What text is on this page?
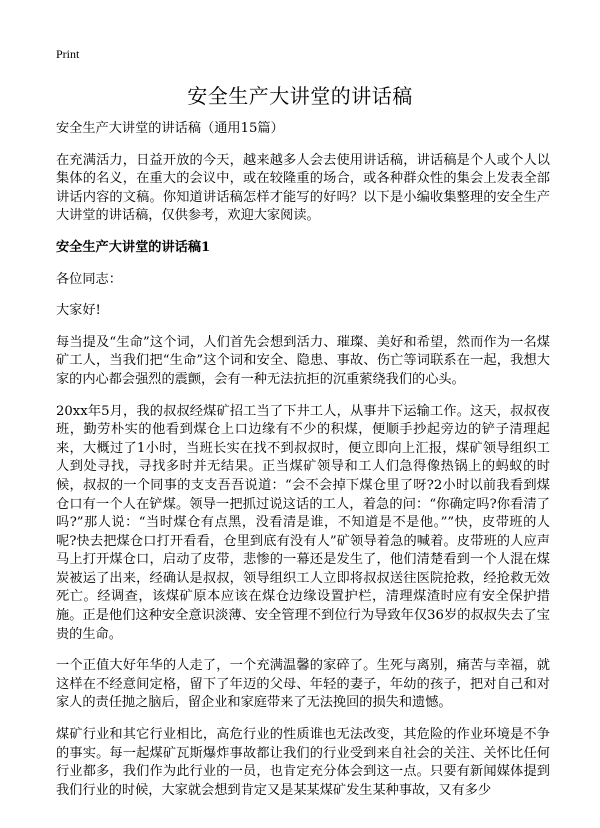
Print
安全生产大讲堂的讲话稿

安全生产大讲堂的讲话稿（通用15篇）

在充满活力，日益开放的今天，越来越多人会去使用讲话稿，讲话稿是个人或个人以集体的名义，在重大的会议中，或在较隆重的场合，或各种群众性的集会上发表全部讲话内容的文稿。你知道讲话稿怎样才能写的好吗？以下是小编收集整理的安全生产大讲堂的讲话稿，仅供参考，欢迎大家阅读。

安全生产大讲堂的讲话稿1

各位同志：

大家好!

每当提及“生命”这个词，人们首先会想到活力、璀璨、美好和希望，然而作为一名煤矿工人，当我们把“生命”这个词和安全、隐患、事故、伤亡等词联系在一起，我想大家的内心都会强烈的震颤，会有一种无法抗拒的沉重萦绕我们的心头。

20xx年5月，我的叔叔经煤矿招工当了下井工人，从事井下运输工作。这天，叔叔夜班，勤劳朴实的他看到煤仓上口边缘有不少的积煤，便顺手抄起旁边的铲子清理起来，大概过了1小时，当班长实在找不到叔叔时，便立即向上汇报，煤矿领导组织工人到处寻找，寻找多时并无结果。正当煤矿领导和工人们急得像热锅上的蚂蚁的时候，叔叔的一个同事的支支吾吾说道：“会不会掉下煤仓里了呀?2小时以前我看到煤仓口有一个人在铲煤。领导一把抓过说这话的工人，着急的问：“你确定吗?你看清了吗?”那人说：“当时煤仓有点黑，没看清是谁，不知道是不是他。””快，皮带班的人呢?快去把煤仓口打开看看，仓里到底有没有人”矿领导着急的喊着。皮带班的人应声马上打开煤仓口，启动了皮带，悲惨的一幕还是发生了，他们清楚看到一个人混在煤炭被运了出来，经确认是叔叔，领导组织工人立即将叔叔送往医院抢救，经抢救无效死亡。经调查，该煤矿原本应该在煤仓边缘设置护栏，清理煤渣时应有安全保护措施。正是他们这种安全意识淡薄、安全管理不到位行为导致年仅36岁的叔叔失去了宝贵的生命。

一个正值大好年华的人走了，一个充满温馨的家碎了。生死与离别，痛苦与幸福，就这样在不经意间定格，留下了年迈的父母、年轻的妻子，年幼的孩子，把对自己和对家人的责任抛之脑后，留企业和家庭带来了无法挽回的损失和遗憾。

煤矿行业和其它行业相比，高危行业的性质谁也无法改变，其危险的作业环境是不争的事实。每一起煤矿瓦斯爆炸事故都让我们的行业受到来自社会的关注、关怀比任何行业都多，我们作为此行业的一员，也肯定充分体会到这一点。只要有新闻媒体提到我们行业的时候，大家就会想到肯定又是某某煤矿发生某种事故，又有多少
